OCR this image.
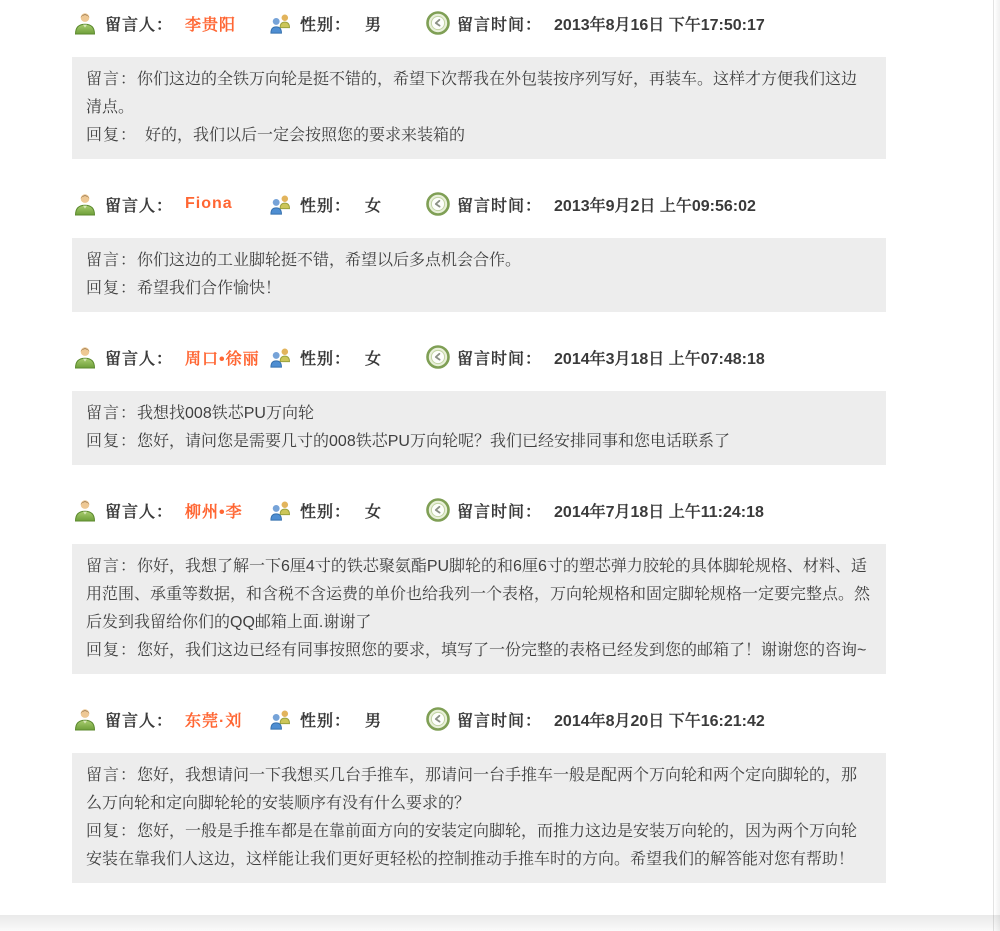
留言人： 李贵阳	性别： 男	留言时间： 2013年8月16日 下午17:50:17

留言：你们这边的全铁万向轮是挺不错的，希望下次帮我在外包装按序列写好，再装车。这样才方便我们这边清点。

回复：　好的，我们以后一定会按照您的要求来装箱的

留言人： Fiona	性别： 女	留言时间： 2013年9月2日 上午09:56:02

留言：你们这边的工业脚轮挺不错，希望以后多点机会合作。

回复：希望我们合作愉快！

留言人： 周口•徐丽	性别： 女	留言时间： 2014年3月18日 上午07:48:18

留言：我想找008铁芯PU万向轮

回复：您好，请问您是需要几寸的008铁芯PU万向轮呢？我们已经安排同事和您电话联系了

留言人： 柳州•李	性别： 女	留言时间： 2014年7月18日 上午11:24:18

留言：你好，我想了解一下6厘4寸的铁芯聚氨酯PU脚轮的和6厘6寸的塑芯弹力胶轮的具体脚轮规格、材料、适用范围、承重等数据，和含税不含运费的单价也给我列一个表格，万向轮规格和固定脚轮规格一定要完整点。然后发到我留给你们的QQ邮箱上面.谢谢了

回复：您好，我们这边已经有同事按照您的要求，填写了一份完整的表格已经发到您的邮箱了！谢谢您的咨询~

留言人： 东莞·刘	性别： 男	留言时间： 2014年8月20日 下午16:21:42

留言：您好，我想请问一下我想买几台手推车，那请问一台手推车一般是配两个万向轮和两个定向脚轮的，那么万向轮和定向脚轮轮的安装顺序有没有什么要求的？

回复：您好，一般是手推车都是在靠前面方向的安装定向脚轮，而推力这边是安装万向轮的，因为两个万向轮安装在靠我们人这边，这样能让我们更好更轻松的控制推动手推车时的方向。希望我们的解答能对您有帮助！
